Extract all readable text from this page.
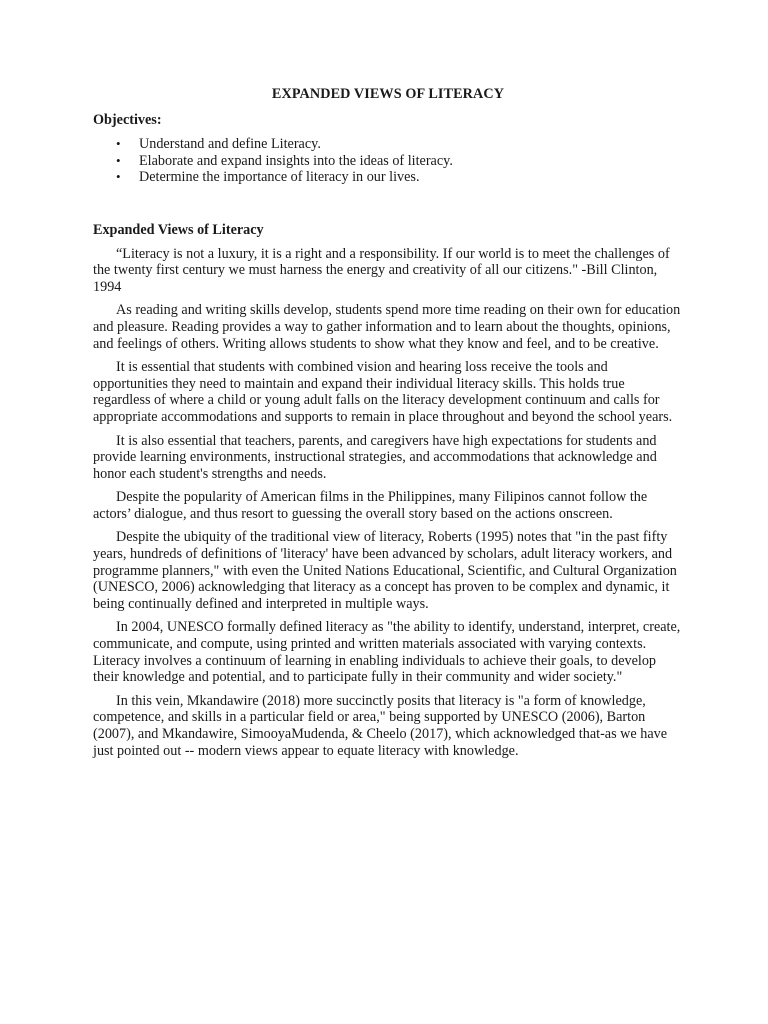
EXPANDED VIEWS OF LITERACY
Objectives:
• Understand and define Literacy.
• Elaborate and expand insights into the ideas of literacy.
• Determine the importance of literacy in our lives.
Expanded Views of Literacy

“Literacy is not a luxury, it is a right and a responsibility. If our world is to meet the challenges of the twenty first century we must harness the energy and creativity of all our citizens." -Bill Clinton, 1994

As reading and writing skills develop, students spend more time reading on their own for education and pleasure. Reading provides a way to gather information and to learn about the thoughts, opinions, and feelings of others. Writing allows students to show what they know and feel, and to be creative.

It is essential that students with combined vision and hearing loss receive the tools and opportunities they need to maintain and expand their individual literacy skills. This holds true regardless of where a child or young adult falls on the literacy development continuum and calls for appropriate accommodations and supports to remain in place throughout and beyond the school years.

It is also essential that teachers, parents, and caregivers have high expectations for students and provide learning environments, instructional strategies, and accommodations that acknowledge and honor each student's strengths and needs.

Despite the popularity of American films in the Philippines, many Filipinos cannot follow the actors’ dialogue, and thus resort to guessing the overall story based on the actions onscreen.

Despite the ubiquity of the traditional view of literacy, Roberts (1995) notes that "in the past fifty years, hundreds of definitions of 'literacy' have been advanced by scholars, adult literacy workers, and programme planners," with even the United Nations Educational, Scientific, and Cultural Organization (UNESCO, 2006) acknowledging that literacy as a concept has proven to be complex and dynamic, it being continually defined and interpreted in multiple ways.

In 2004, UNESCO formally defined literacy as "the ability to identify, understand, interpret, create, communicate, and compute, using printed and written materials associated with varying contexts. Literacy involves a continuum of learning in enabling individuals to achieve their goals, to develop their knowledge and potential, and to participate fully in their community and wider society."

In this vein, Mkandawire (2018) more succinctly posits that literacy is "a form of knowledge, competence, and skills in a particular field or area," being supported by UNESCO (2006), Barton (2007), and Mkandawire, SimooyaMudenda, & Cheelo (2017), which acknowledged that-as we have just pointed out -- modern views appear to equate literacy with knowledge.
